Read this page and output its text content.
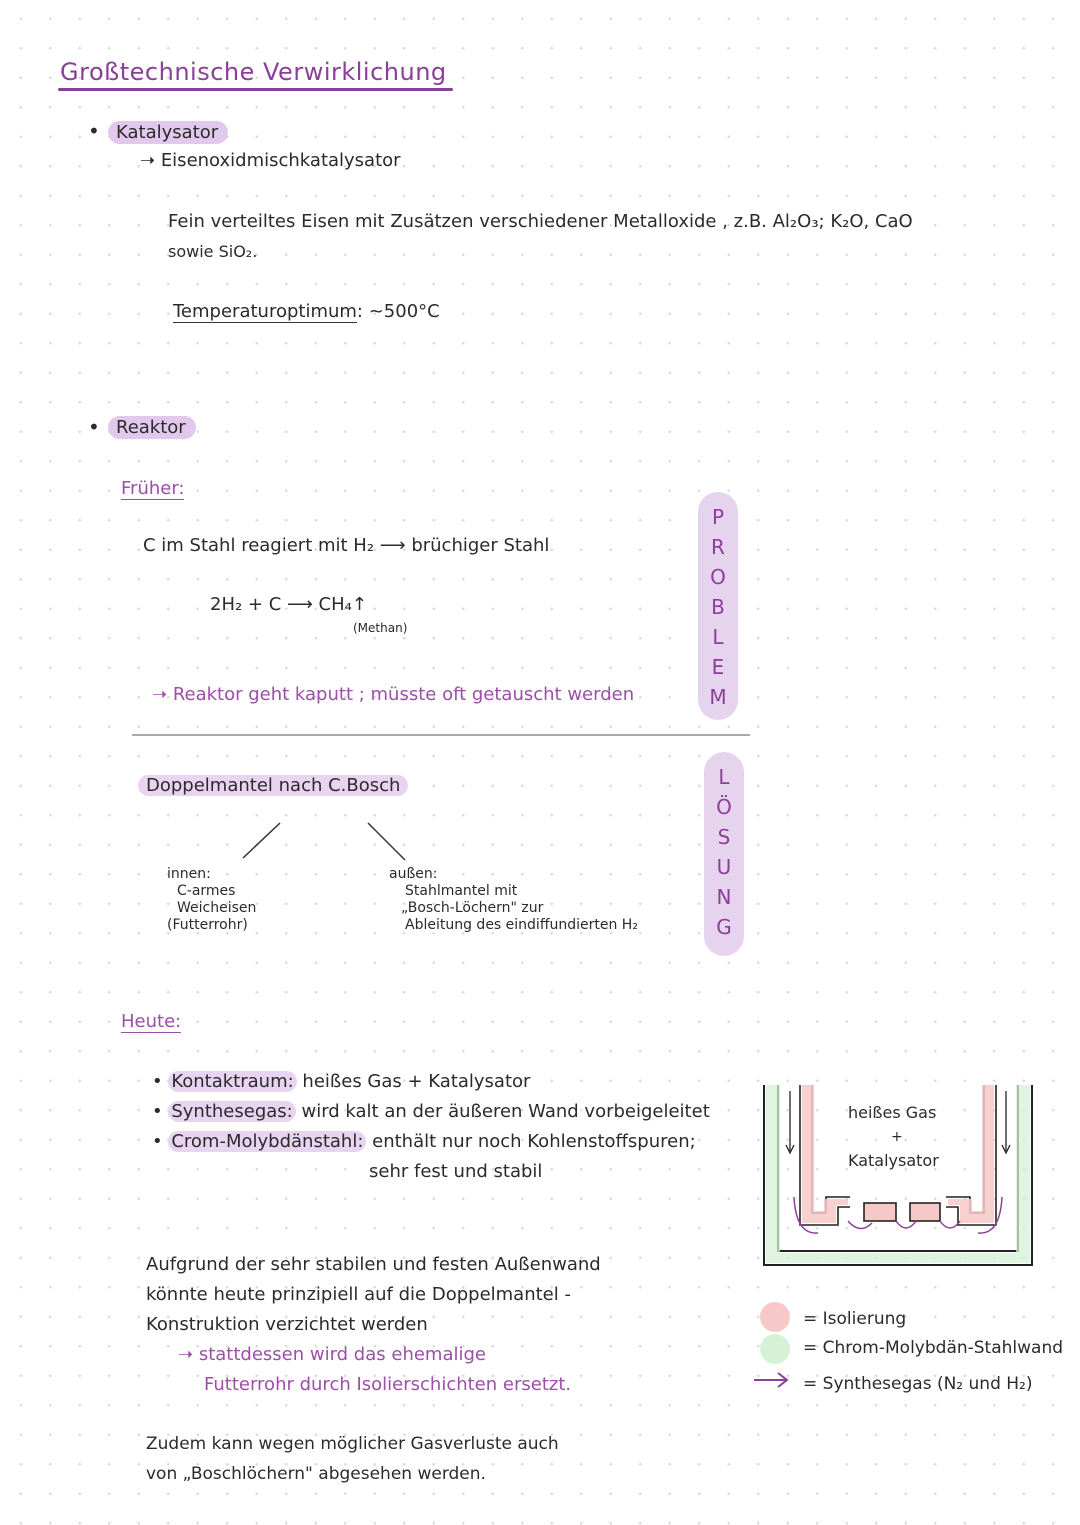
Großtechnische Verwirklichung
• Katalysator
➝ Eisenoxidmischkatalysator
Fein verteiltes Eisen mit Zusätzen verschiedener Metalloxide , z.B. Al₂O₃; K₂O, CaO
sowie SiO₂.
Temperaturoptimum: ~500°C
• Reaktor
Früher:
C im Stahl reagiert mit H₂ ⟶ brüchiger Stahl
2H₂ + C ⟶ CH₄↑
(Methan)
➝ Reaktor geht kaputt ; müsste oft getauscht werden
P
R
O
B
L
E
M
L
Ö
S
U
N
G
Doppelmantel nach C.Bosch
innen:
C-armes
Weicheisen
(Futterrohr)
außen:
Stahlmantel mit
„Bosch-Löchern" zur
Ableitung des eindiffundierten H₂
Heute:
• Kontaktraum: heißes Gas + Katalysator
• Synthesegas: wird kalt an der äußeren Wand vorbeigeleitet
• Crom-Molybdänstahl: enthält nur noch Kohlenstoffspuren;
sehr fest und stabil
Aufgrund der sehr stabilen und festen Außenwand
könnte heute prinzipiell auf die Doppelmantel -
Konstruktion verzichtet werden
➝ stattdessen wird das ehemalige
Futterrohr durch Isolierschichten ersetzt.
Zudem kann wegen möglicher Gasverluste auch
von „Boschlöchern" abgesehen werden.
heißes Gas
+
Katalysator
= Isolierung
= Chrom-Molybdän-Stahlwand
= Synthesegas (N₂ und H₂)
